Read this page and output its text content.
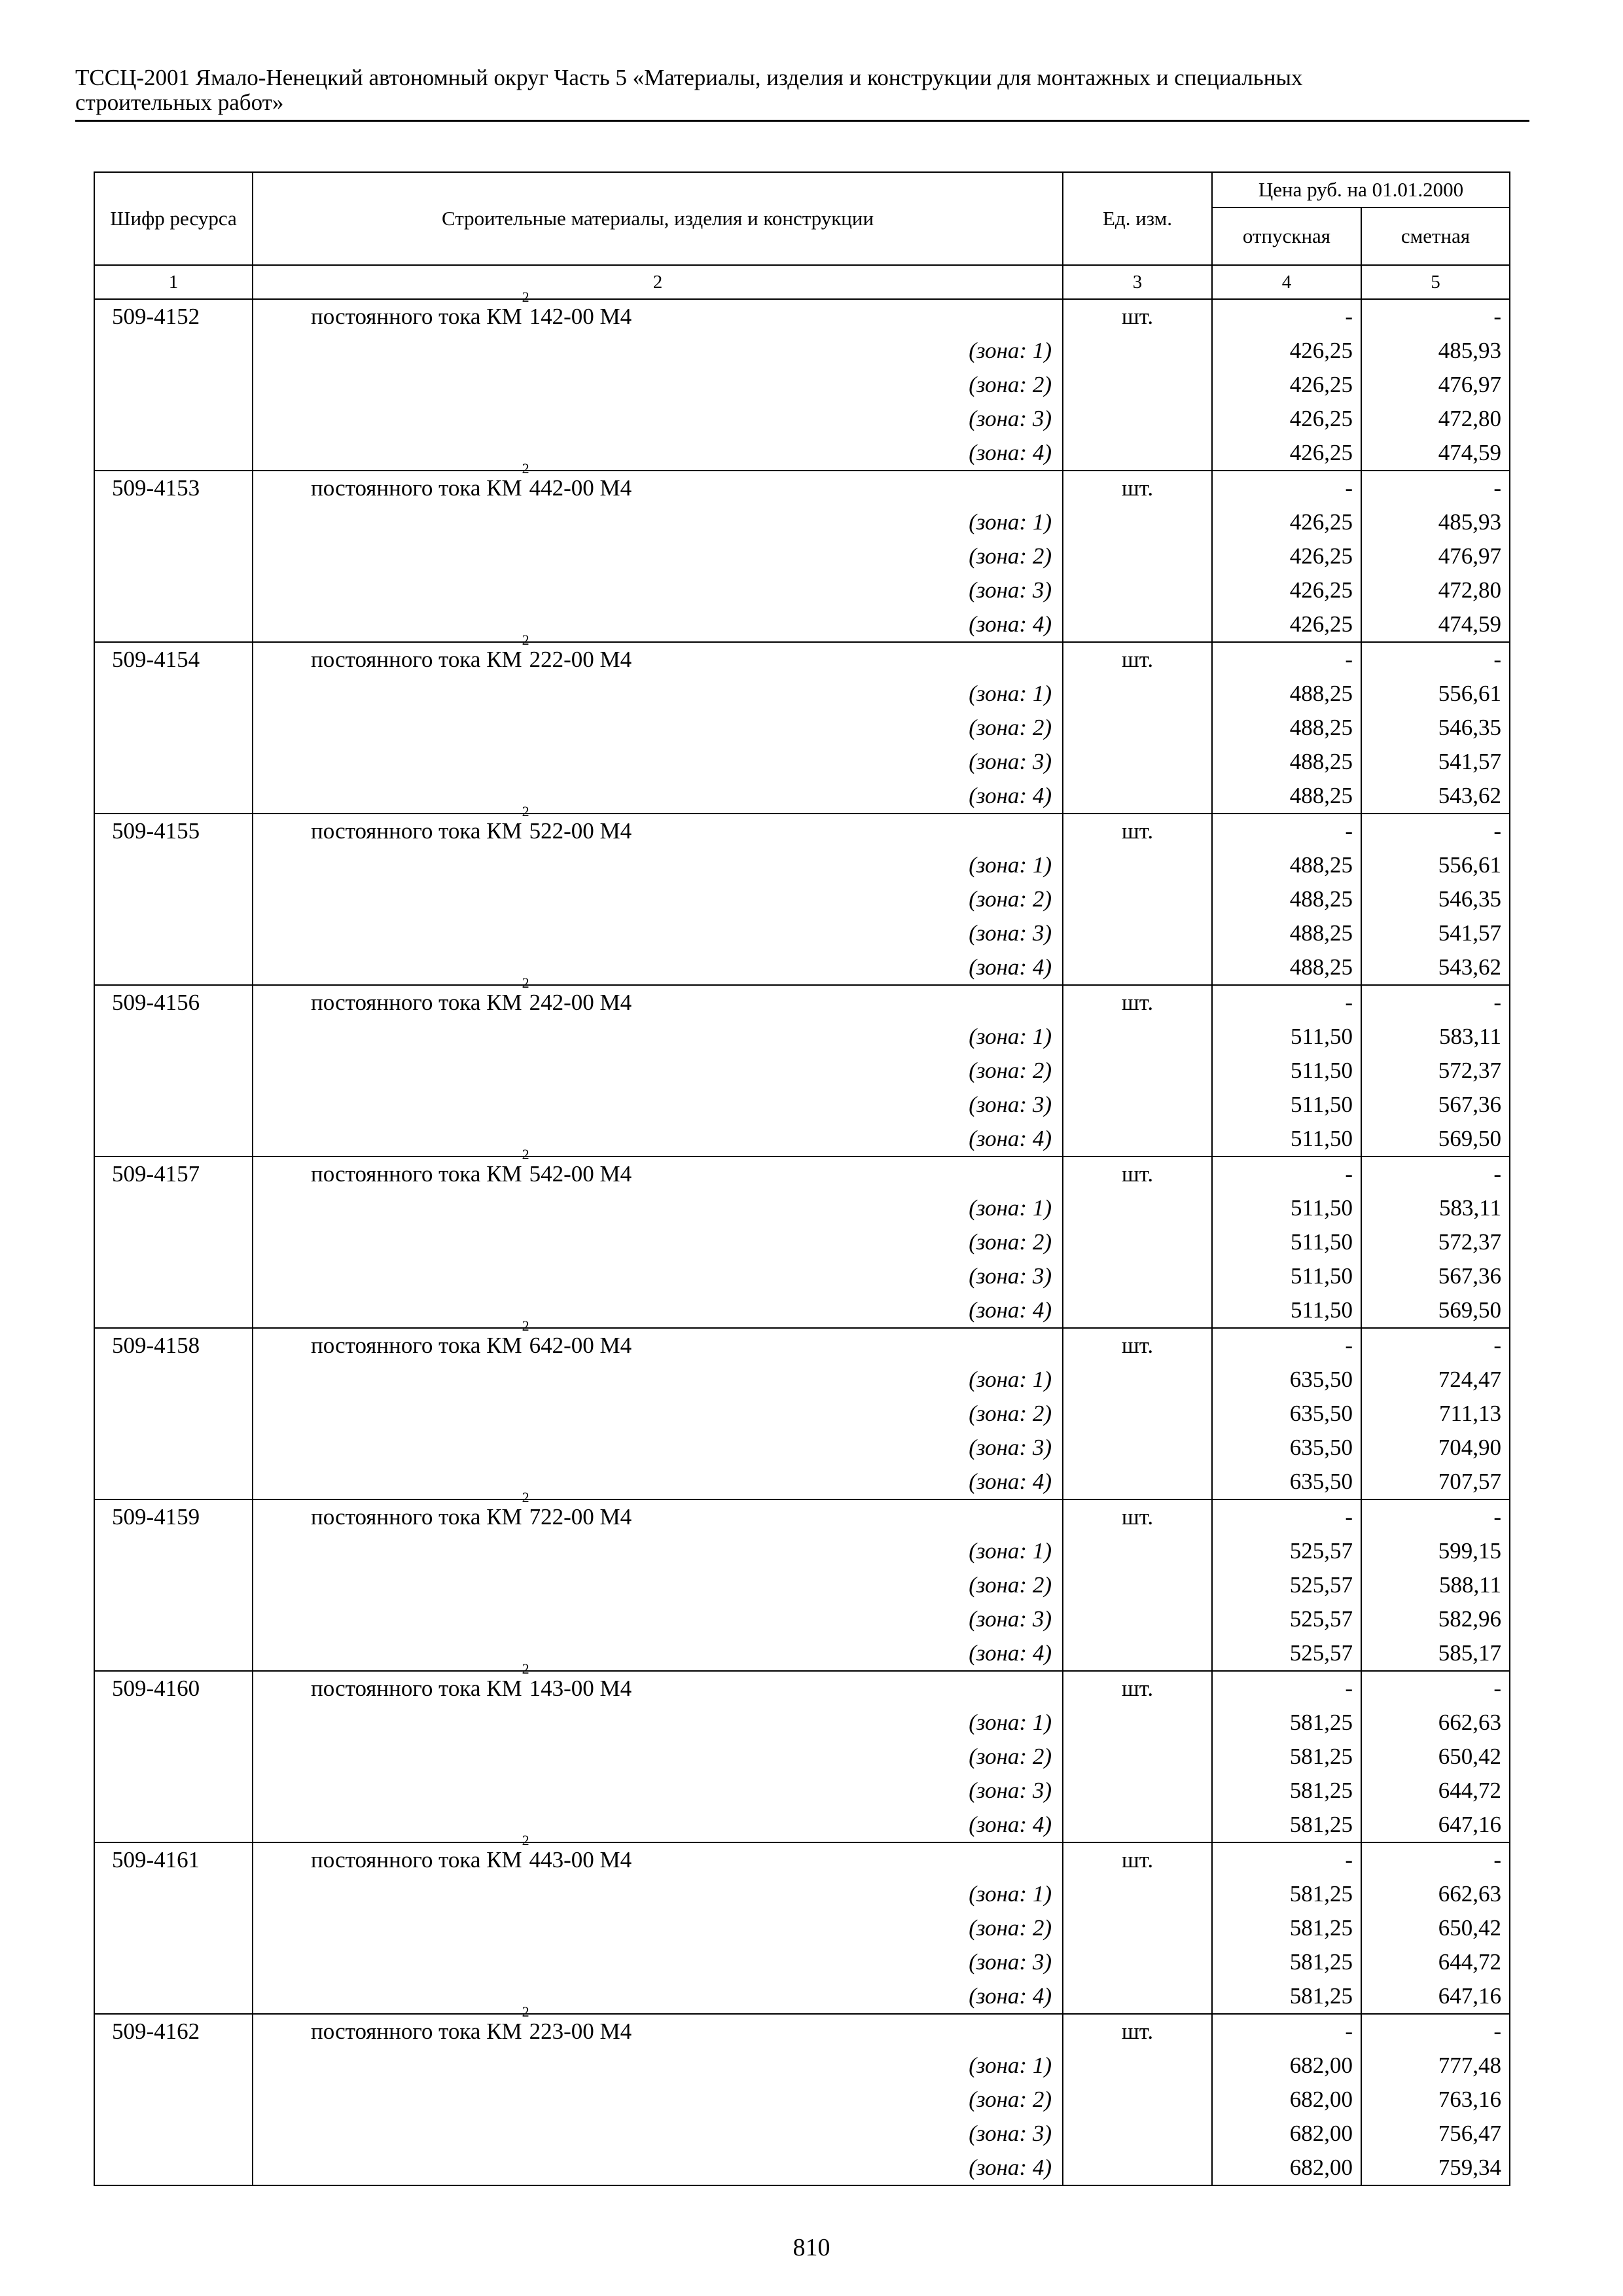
ТССЦ-2001 Ямало-Ненецкий автономный округ Часть 5 «Материалы, изделия и конструкции для монтажных и специальных
строительных работ»
Шифр ресурса	Строительные материалы, изделия и конструкции	Ед. изм.	Цена руб. на 01.01.2000	
			отпускная	сметная
1	2	3	4	5
509-4152	постоянного тока $КМ^2142-00$ М4	шт.	-	-
	(зона: 1)		426,25	485,93
	(зона: 2)		426,25	476,97
	(зона: 3)		426,25	472,80
	(зона: 4)		426,25	474,59
509-4153	постоянного тока $КМ^2442-00$ М4	шт.	-	-
	(зона: 1)		426,25	485,93
	(зона: 2)		426,25	476,97
	(зона: 3)		426,25	472,80
	(зона: 4)		426,25	474,59
509-4154	постоянного тока $КМ^2222-00$ М4	шт.	-	-
	(зона: 1)		488,25	556,61
	(зона: 2)		488,25	546,35
	(зона: 3)		488,25	541,57
	(зона: 4)		488,25	543,62
509-4155	постоянного тока $КМ^2522-00$ М4	шт.	-	-
	(зона: 1)		488,25	556,61
	(зона: 2)		488,25	546,35
	(зона: 3)		488,25	541,57
	(зона: 4)		488,25	543,62
509-4156	постоянного тока $КМ^2242-00$ М4	шт.	-	-
	(зона: 1)		511,50	583,11
	(зона: 2)		511,50	572,37
	(зона: 3)		511,50	567,36
	(зона: 4)		511,50	569,50
509-4157	постоянного тока $КМ^2542-00$ М4	шт.	-	-
	(зона: 1)		511,50	583,11
	(зона: 2)		511,50	572,37
	(зона: 3)		511,50	567,36
	(зона: 4)		511,50	569,50
509-4158	постоянного тока $КМ^2642-00$ М4	шт.	-	-
	(зона: 1)		635,50	724,47
	(зона: 2)		635,50	711,13
	(зона: 3)		635,50	704,90
	(зона: 4)		635,50	707,57
509-4159	постоянного тока $КМ^2722-00$ М4	шт.	-	-
	(зона: 1)		525,57	599,15
	(зона: 2)		525,57	588,11
	(зона: 3)		525,57	582,96
	(зона: 4)		525,57	585,17
509-4160	постоянного тока $КМ^2143-00$ М4	шт.	-	-
	(зона: 1)		581,25	662,63
	(зона: 2)		581,25	650,42
	(зона: 3)		581,25	644,72
	(зона: 4)		581,25	647,16
509-4161	постоянного тока $КМ^2443-00$ М4	шт.	-	-
	(зона: 1)		581,25	662,63
	(зона: 2)		581,25	650,42
	(зона: 3)		581,25	644,72
	(зона: 4)		581,25	647,16
509-4162	постоянного тока $КМ^2223-00$ М4	шт.	-	-
	(зона: 1)		682,00	777,48
	(зона: 2)		682,00	763,16
	(зона: 3)		682,00	756,47
	(зона: 4)		682,00	759,34
810
